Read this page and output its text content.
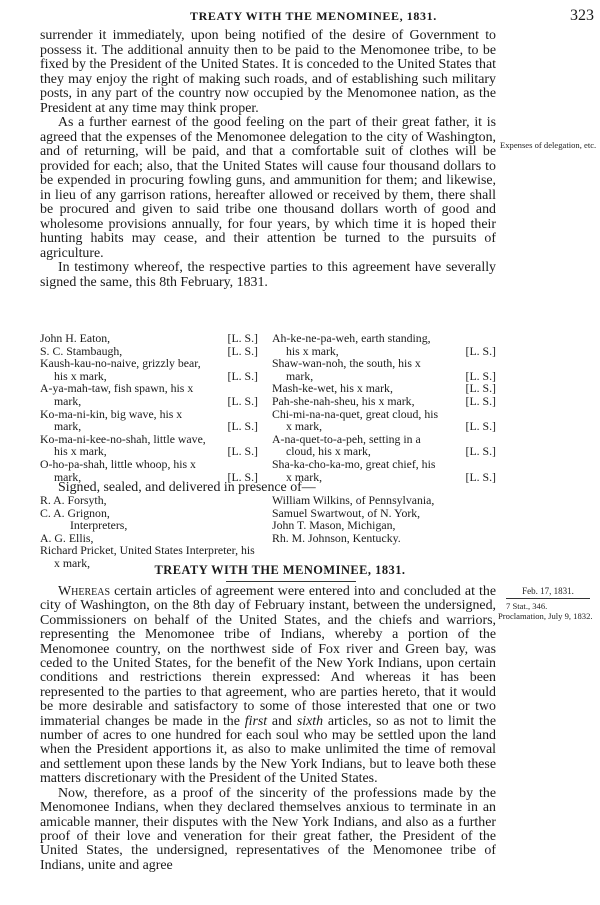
TREATY WITH THE MENOMINEE, 1831.	323

surrender it immediately, upon being notified of the desire of Government to possess it. The additional annuity then to be paid to the Menomonee tribe, to be fixed by the President of the United States. It is conceded to the United States that they may enjoy the right of making such roads, and of establishing such military posts, in any part of the country now occupied by the Menomonee nation, as the President at any time may think proper.

As a further earnest of the good feeling on the part of their great father, it is agreed that the expenses of the Menomonee delegation to the city of Washington, and of returning, will be paid, and that a comfortable suit of clothes will be provided for each; also, that the United States will cause four thousand dollars to be expended in procuring fowling guns, and ammunition for them; and likewise, in lieu of any garrison rations, hereafter allowed or received by them, there shall be procured and given to said tribe one thousand dollars worth of good and wholesome provisions annually, for four years, by which time it is hoped their hunting habits may cease, and their attention be turned to the pursuits of agriculture.

In testimony whereof, the respective parties to this agreement have severally signed the same, this 8th February, 1831.

Expenses of delegation, etc.
John H. Eaton,	[L. S.]
S. C. Stambaugh,	[L. S.]
Kaush-kau-no-naive, grizzly bear,
his x mark,	[L. S.]
A-ya-mah-taw, fish spawn, his x
mark,	[L. S.]
Ko-ma-ni-kin, big wave, his x
mark,	[L. S.]
Ko-ma-ni-kee-no-shah, little wave,
his x mark,	[L. S.]
O-ho-pa-shah, little whoop, his x
mark,	[L. S.]
Ah-ke-ne-pa-weh, earth standing,
his x mark,	[L. S.]
Shaw-wan-noh, the south, his x
mark,	[L. S.]
Mash-ke-wet, his x mark,	[L. S.]
Pah-she-nah-sheu, his x mark,	[L. S.]
Chi-mi-na-na-quet, great cloud, his
x mark,	[L. S.]
A-na-quet-to-a-peh, setting in a
cloud, his x mark,	[L. S.]
Sha-ka-cho-ka-mo, great chief, his
x mark,	[L. S.]
Signed, sealed, and delivered in presence of—
R. A. Forsyth,
C. A. Grignon,
Interpreters,
A. G. Ellis,
Richard Pricket, United States Interpreter, his x mark,
William Wilkins, of Pennsylvania,
Samuel Swartwout, of N. York,
John T. Mason, Michigan,
Rh. M. Johnson, Kentucky.
TREATY WITH THE MENOMINEE, 1831.
Feb. 17, 1831.
7 Stat., 346.
Proclamation, July 9, 1832.

Whereas certain articles of agreement were entered into and concluded at the city of Washington, on the 8th day of February instant, between the undersigned, Commissioners on behalf of the United States, and the chiefs and warriors, representing the Menomonee tribe of Indians, whereby a portion of the Menomonee country, on the northwest side of Fox river and Green bay, was ceded to the United States, for the benefit of the New York Indians, upon certain conditions and restrictions therein expressed: And whereas it has been represented to the parties to that agreement, who are parties hereto, that it would be more desirable and satisfactory to some of those interested that one or two immaterial changes be made in the first and sixth articles, so as not to limit the number of acres to one hundred for each soul who may be settled upon the land when the President apportions it, as also to make unlimited the time of removal and settlement upon these lands by the New York Indians, but to leave both these matters discretionary with the President of the United States.

Now, therefore, as a proof of the sincerity of the professions made by the Menomonee Indians, when they declared themselves anxious to terminate in an amicable manner, their disputes with the New York Indians, and also as a further proof of their love and veneration for their great father, the President of the United States, the undersigned, representatives of the Menomonee tribe of Indians, unite and agree
